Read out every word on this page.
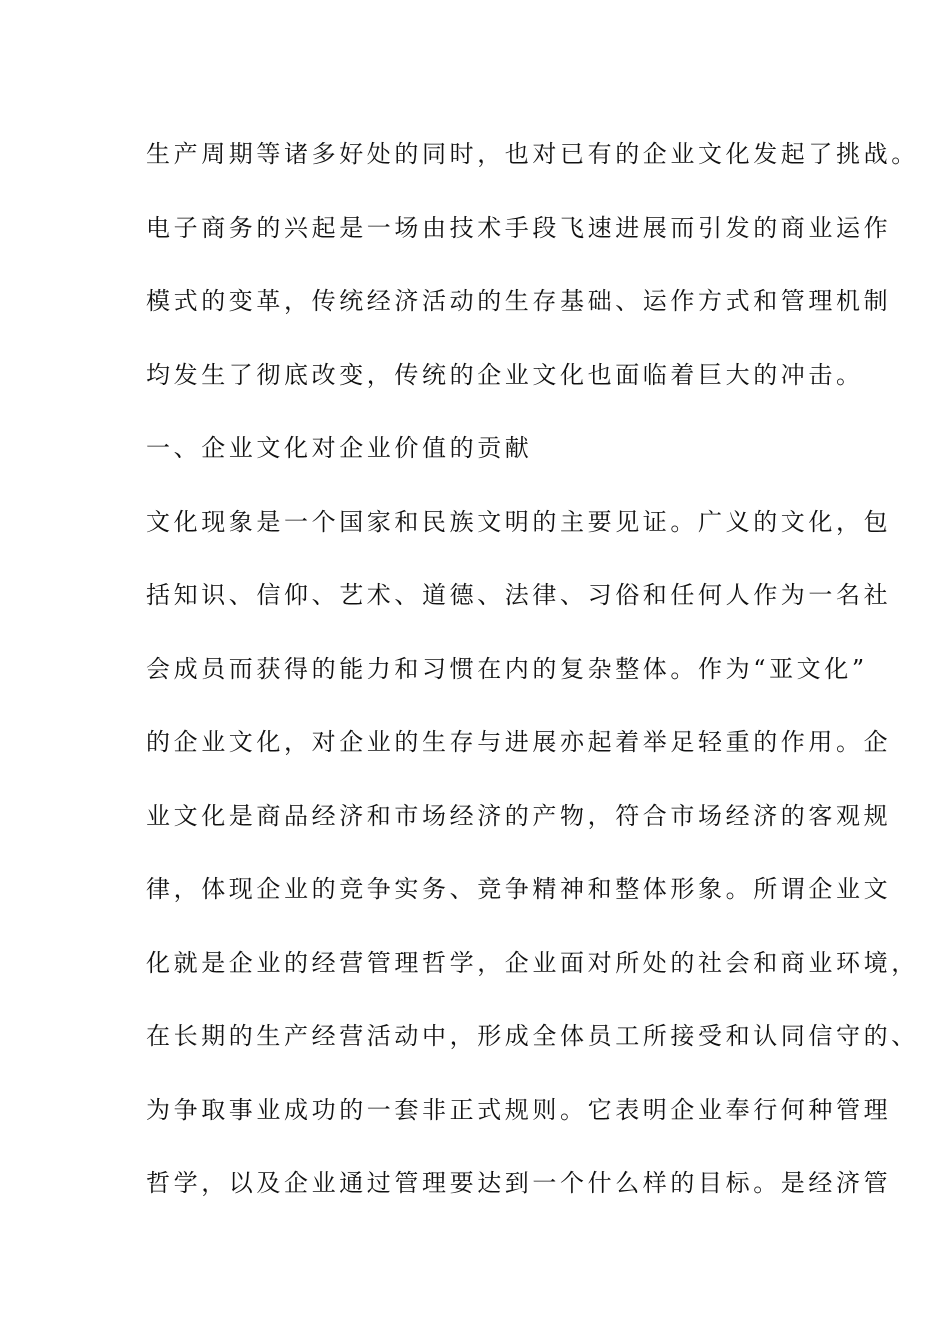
生产周期等诸多好处的同时，也对已有的企业文化发起了挑战。
电子商务的兴起是一场由技术手段飞速进展而引发的商业运作
模式的变革，传统经济活动的生存基础、运作方式和管理机制
均发生了彻底改变，传统的企业文化也面临着巨大的冲击。
一、企业文化对企业价值的贡献
文化现象是一个国家和民族文明的主要见证。广义的文化，包
括知识、信仰、艺术、道德、法律、习俗和任何人作为一名社
会成员而获得的能力和习惯在内的复杂整体。作为“亚文化”
的企业文化，对企业的生存与进展亦起着举足轻重的作用。企
业文化是商品经济和市场经济的产物，符合市场经济的客观规
律，体现企业的竞争实务、竞争精神和整体形象。所谓企业文
化就是企业的经营管理哲学，企业面对所处的社会和商业环境，
在长期的生产经营活动中，形成全体员工所接受和认同信守的、
为争取事业成功的一套非正式规则。它表明企业奉行何种管理
哲学，以及企业通过管理要达到一个什么样的目标。是经济管
